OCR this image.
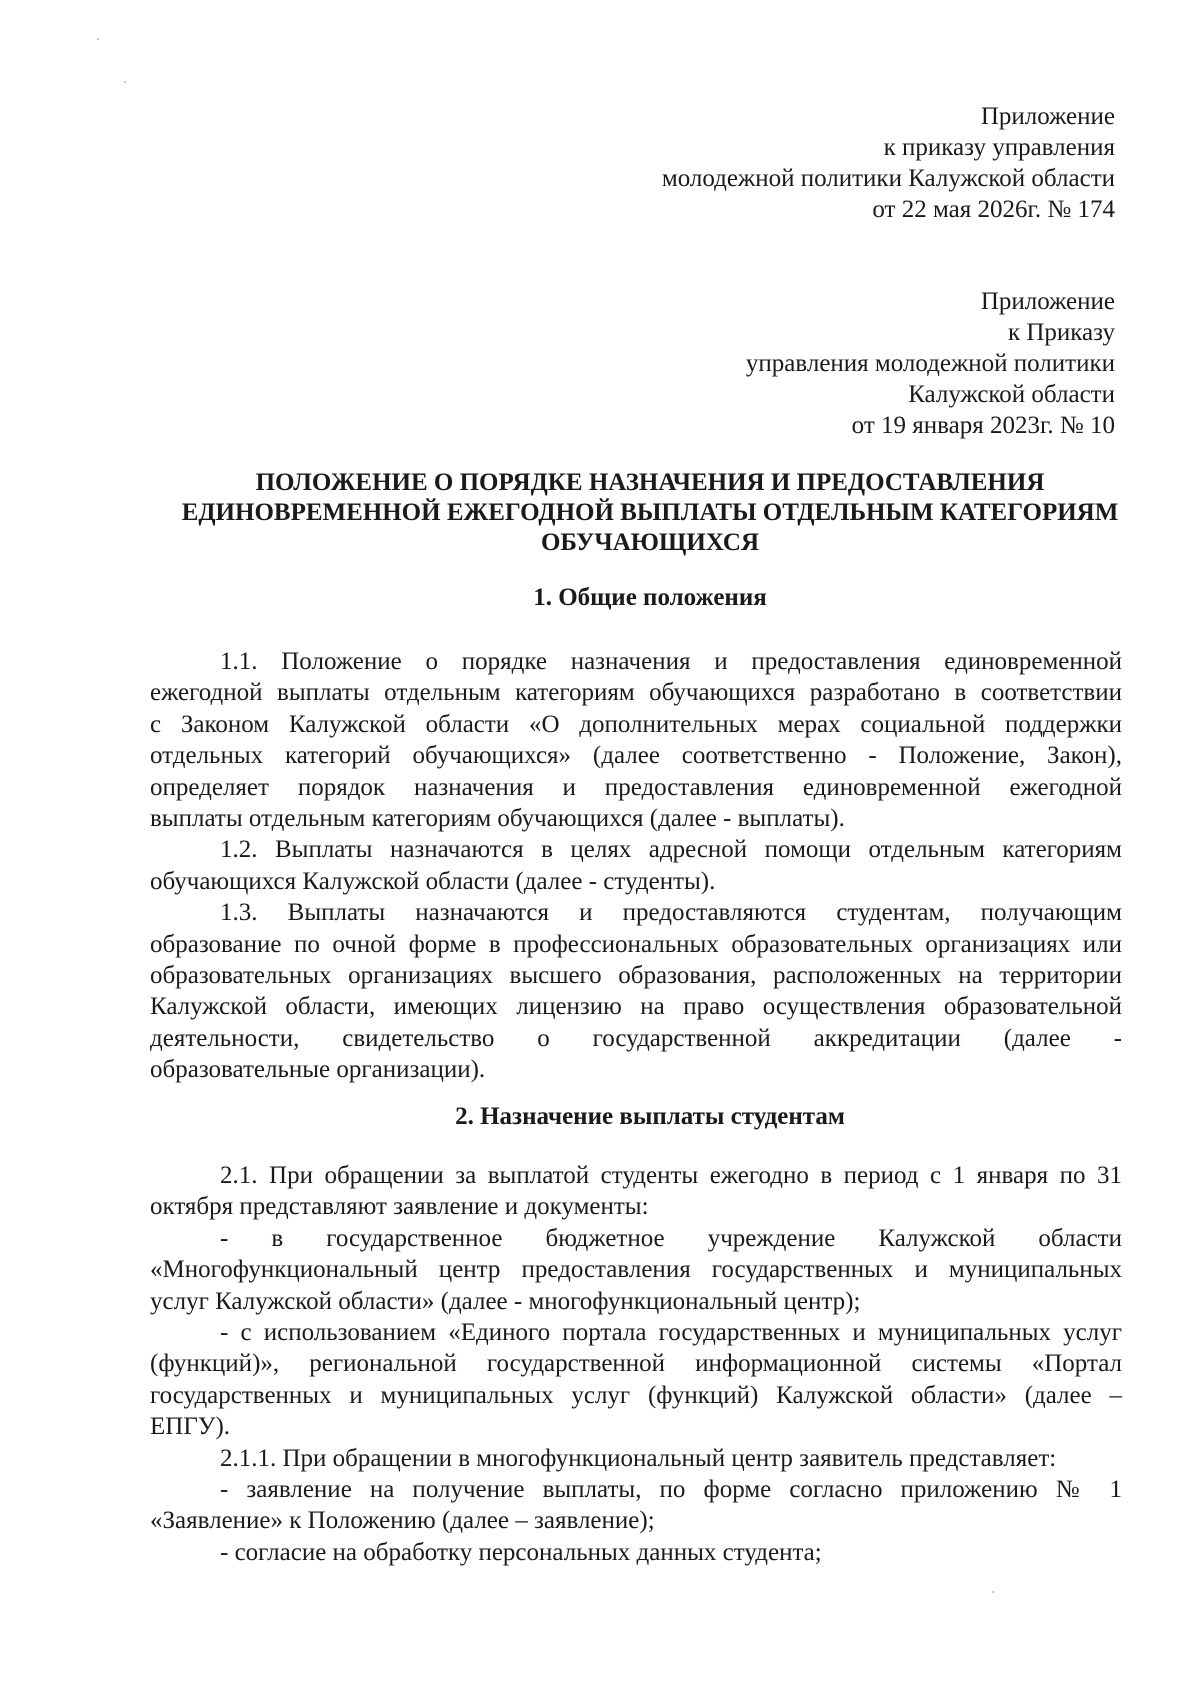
Приложение

к приказу управления

молодежной политики Калужской области

от 22 мая 2026г. № 174

Приложение

к Приказу

управления молодежной политики

Калужской области

от 19 января 2023г. № 10

ПОЛОЖЕНИЕ О ПОРЯДКЕ НАЗНАЧЕНИЯ И ПРЕДОСТАВЛЕНИЯ
ЕДИНОВРЕМЕННОЙ ЕЖЕГОДНОЙ ВЫПЛАТЫ ОТДЕЛЬНЫМ КАТЕГОРИЯМ
ОБУЧАЮЩИХСЯ
1. Общие положения

1.1. Положение о порядке назначения и предоставления единовременной
ежегодной выплаты отдельным категориям обучающихся разработано в соответствии
с Законом Калужской области «О дополнительных мерах социальной поддержки
отдельных категорий обучающихся» (далее соответственно - Положение, Закон),
определяет порядок назначения и предоставления единовременной ежегодной
выплаты отдельным категориям обучающихся (далее - выплаты).

1.2. Выплаты назначаются в целях адресной помощи отдельным категориям
обучающихся Калужской области (далее - студенты).

1.3. Выплаты назначаются и предоставляются студентам, получающим
образование по очной форме в профессиональных образовательных организациях или
образовательных организациях высшего образования, расположенных на территории
Калужской области, имеющих лицензию на право осуществления образовательной
деятельности, свидетельство о государственной аккредитации (далее -
образовательные организации).

2. Назначение выплаты студентам

2.1. При обращении за выплатой студенты ежегодно в период с 1 января по 31
октября представляют заявление и документы:

- в государственное бюджетное учреждение Калужской области
«Многофункциональный центр предоставления государственных и муниципальных
услуг Калужской области» (далее - многофункциональный центр);

- с использованием «Единого портала государственных и муниципальных услуг
(функций)», региональной государственной информационной системы «Портал
государственных и муниципальных услуг (функций) Калужской области» (далее –
ЕПГУ).

2.1.1. При обращении в многофункциональный центр заявитель представляет:

- заявление на получение выплаты, по форме согласно приложению № 1
«Заявление» к Положению (далее – заявление);

- согласие на обработку персональных данных студента;
